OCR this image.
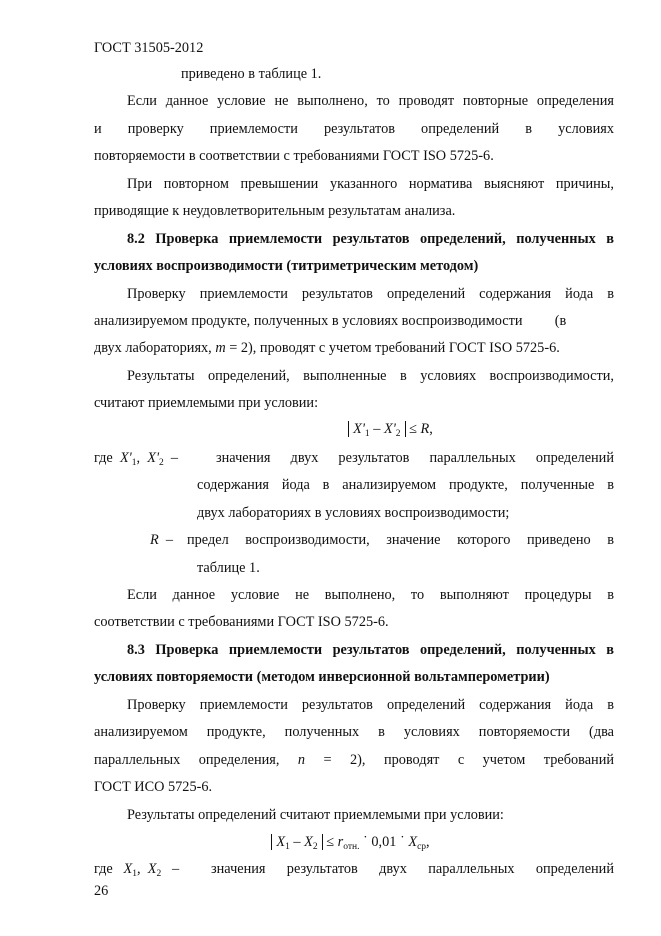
ГОСТ 31505-2012
приведено в таблице 1.
Если данное условие не выполнено, то проводят повторные определения
и проверку приемлемости результатов определений в условиях
повторяемости в соответствии с требованиями ГОСТ ISO 5725-6.
При повторном превышении указанного норматива выясняют причины,
приводящие к неудовлетворительным результатам анализа.
8.2 Проверка приемлемости результатов определений, полученных в
условиях воспроизводимости (титриметрическим методом)
Проверку приемлемости результатов определений содержания йода в
анализируемом продукте, полученных в условиях воспроизводимости         (в
двух лабораториях, m = 2), проводят с учетом требований ГОСТ ISO 5725-6.
Результаты определений, выполненные в условиях воспроизводимости,
считают приемлемыми при условии:
$X'_1 - X'_2 \le R$,
где $X'_1$, $X'_2$ –	значения двух результатов параллельных определений
содержания йода в анализируемом продукте, полученные в
двух лабораториях в условиях воспроизводимости;
R – предел воспроизводимости, значение которого приведено в
таблице 1.
Если данное условие не выполнено, то выполняют процедуры в
соответствии с требованиями ГОСТ ISO 5725-6.
8.3 Проверка приемлемости результатов определений, полученных в
условиях повторяемости (методом инверсионной вольтамперометрии)
Проверку приемлемости результатов определений содержания йода в
анализируемом продукте, полученных в условиях повторяемости (два
параллельных определения, n = 2), проводят с учетом требований
ГОСТ ИСО 5725-6.
Результаты определений считают приемлемыми при условии:
$X_1 - X_2 \le r_{отн.}$ ˙ 0,01 ˙ $X_{ср}$,
где $X_1$, $X_2$ –	значения результатов двух параллельных определений
26
